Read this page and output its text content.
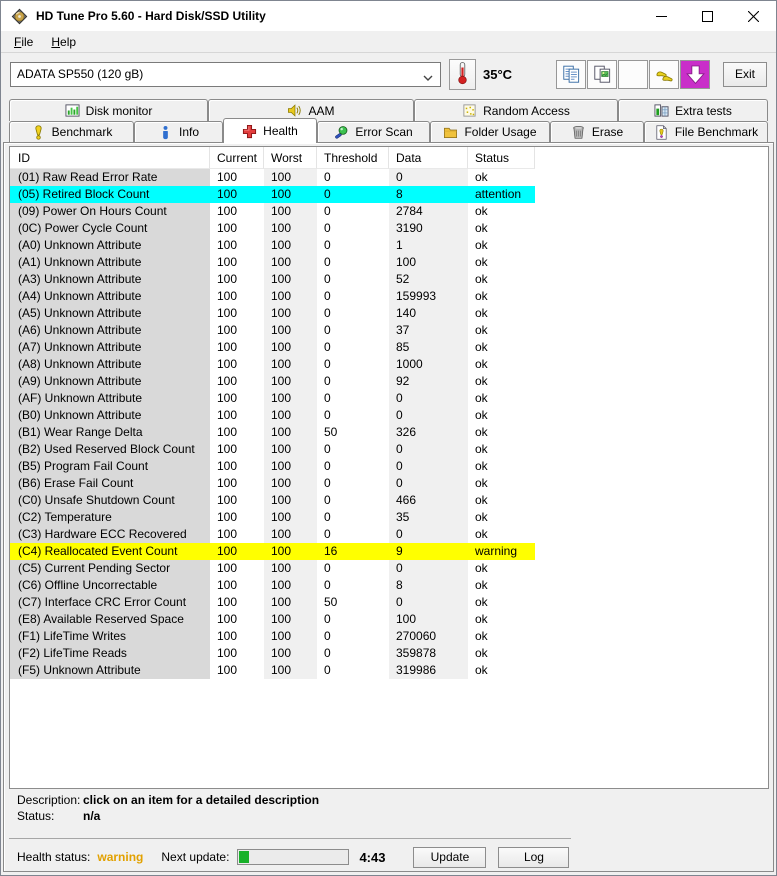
HD Tune Pro 5.60 - Hard Disk/SSD Utility
File	Help
ADATA SP550 (120 gB)	35°C	Exit
Disk monitor	AAM	Random Access	Extra tests
Benchmark	Info	Health	Error Scan	Folder Usage	Erase	File Benchmark
ID	Current	Worst	Threshold	Data	Status
(01) Raw Read Error Rate	100	100	0	0	ok
(05) Retired Block Count	100	100	0	8	attention
(09) Power On Hours Count	100	100	0	2784	ok
(0C) Power Cycle Count	100	100	0	3190	ok
(A0) Unknown Attribute	100	100	0	1	ok
(A1) Unknown Attribute	100	100	0	100	ok
(A3) Unknown Attribute	100	100	0	52	ok
(A4) Unknown Attribute	100	100	0	159993	ok
(A5) Unknown Attribute	100	100	0	140	ok
(A6) Unknown Attribute	100	100	0	37	ok
(A7) Unknown Attribute	100	100	0	85	ok
(A8) Unknown Attribute	100	100	0	1000	ok
(A9) Unknown Attribute	100	100	0	92	ok
(AF) Unknown Attribute	100	100	0	0	ok
(B0) Unknown Attribute	100	100	0	0	ok
(B1) Wear Range Delta	100	100	50	326	ok
(B2) Used Reserved Block Count	100	100	0	0	ok
(B5) Program Fail Count	100	100	0	0	ok
(B6) Erase Fail Count	100	100	0	0	ok
(C0) Unsafe Shutdown Count	100	100	0	466	ok
(C2) Temperature	100	100	0	35	ok
(C3) Hardware ECC Recovered	100	100	0	0	ok
(C4) Reallocated Event Count	100	100	16	9	warning
(C5) Current Pending Sector	100	100	0	0	ok
(C6) Offline Uncorrectable	100	100	0	8	ok
(C7) Interface CRC Error Count	100	100	50	0	ok
(E8) Available Reserved Space	100	100	0	100	ok
(F1) LifeTime Writes	100	100	0	270060	ok
(F2) LifeTime Reads	100	100	0	359878	ok
(F5) Unknown Attribute	100	100	0	319986	ok
Description: click on an item for a detailed description
Status:	n/a
Health status: warning Next update:	4:43	Update	Log
